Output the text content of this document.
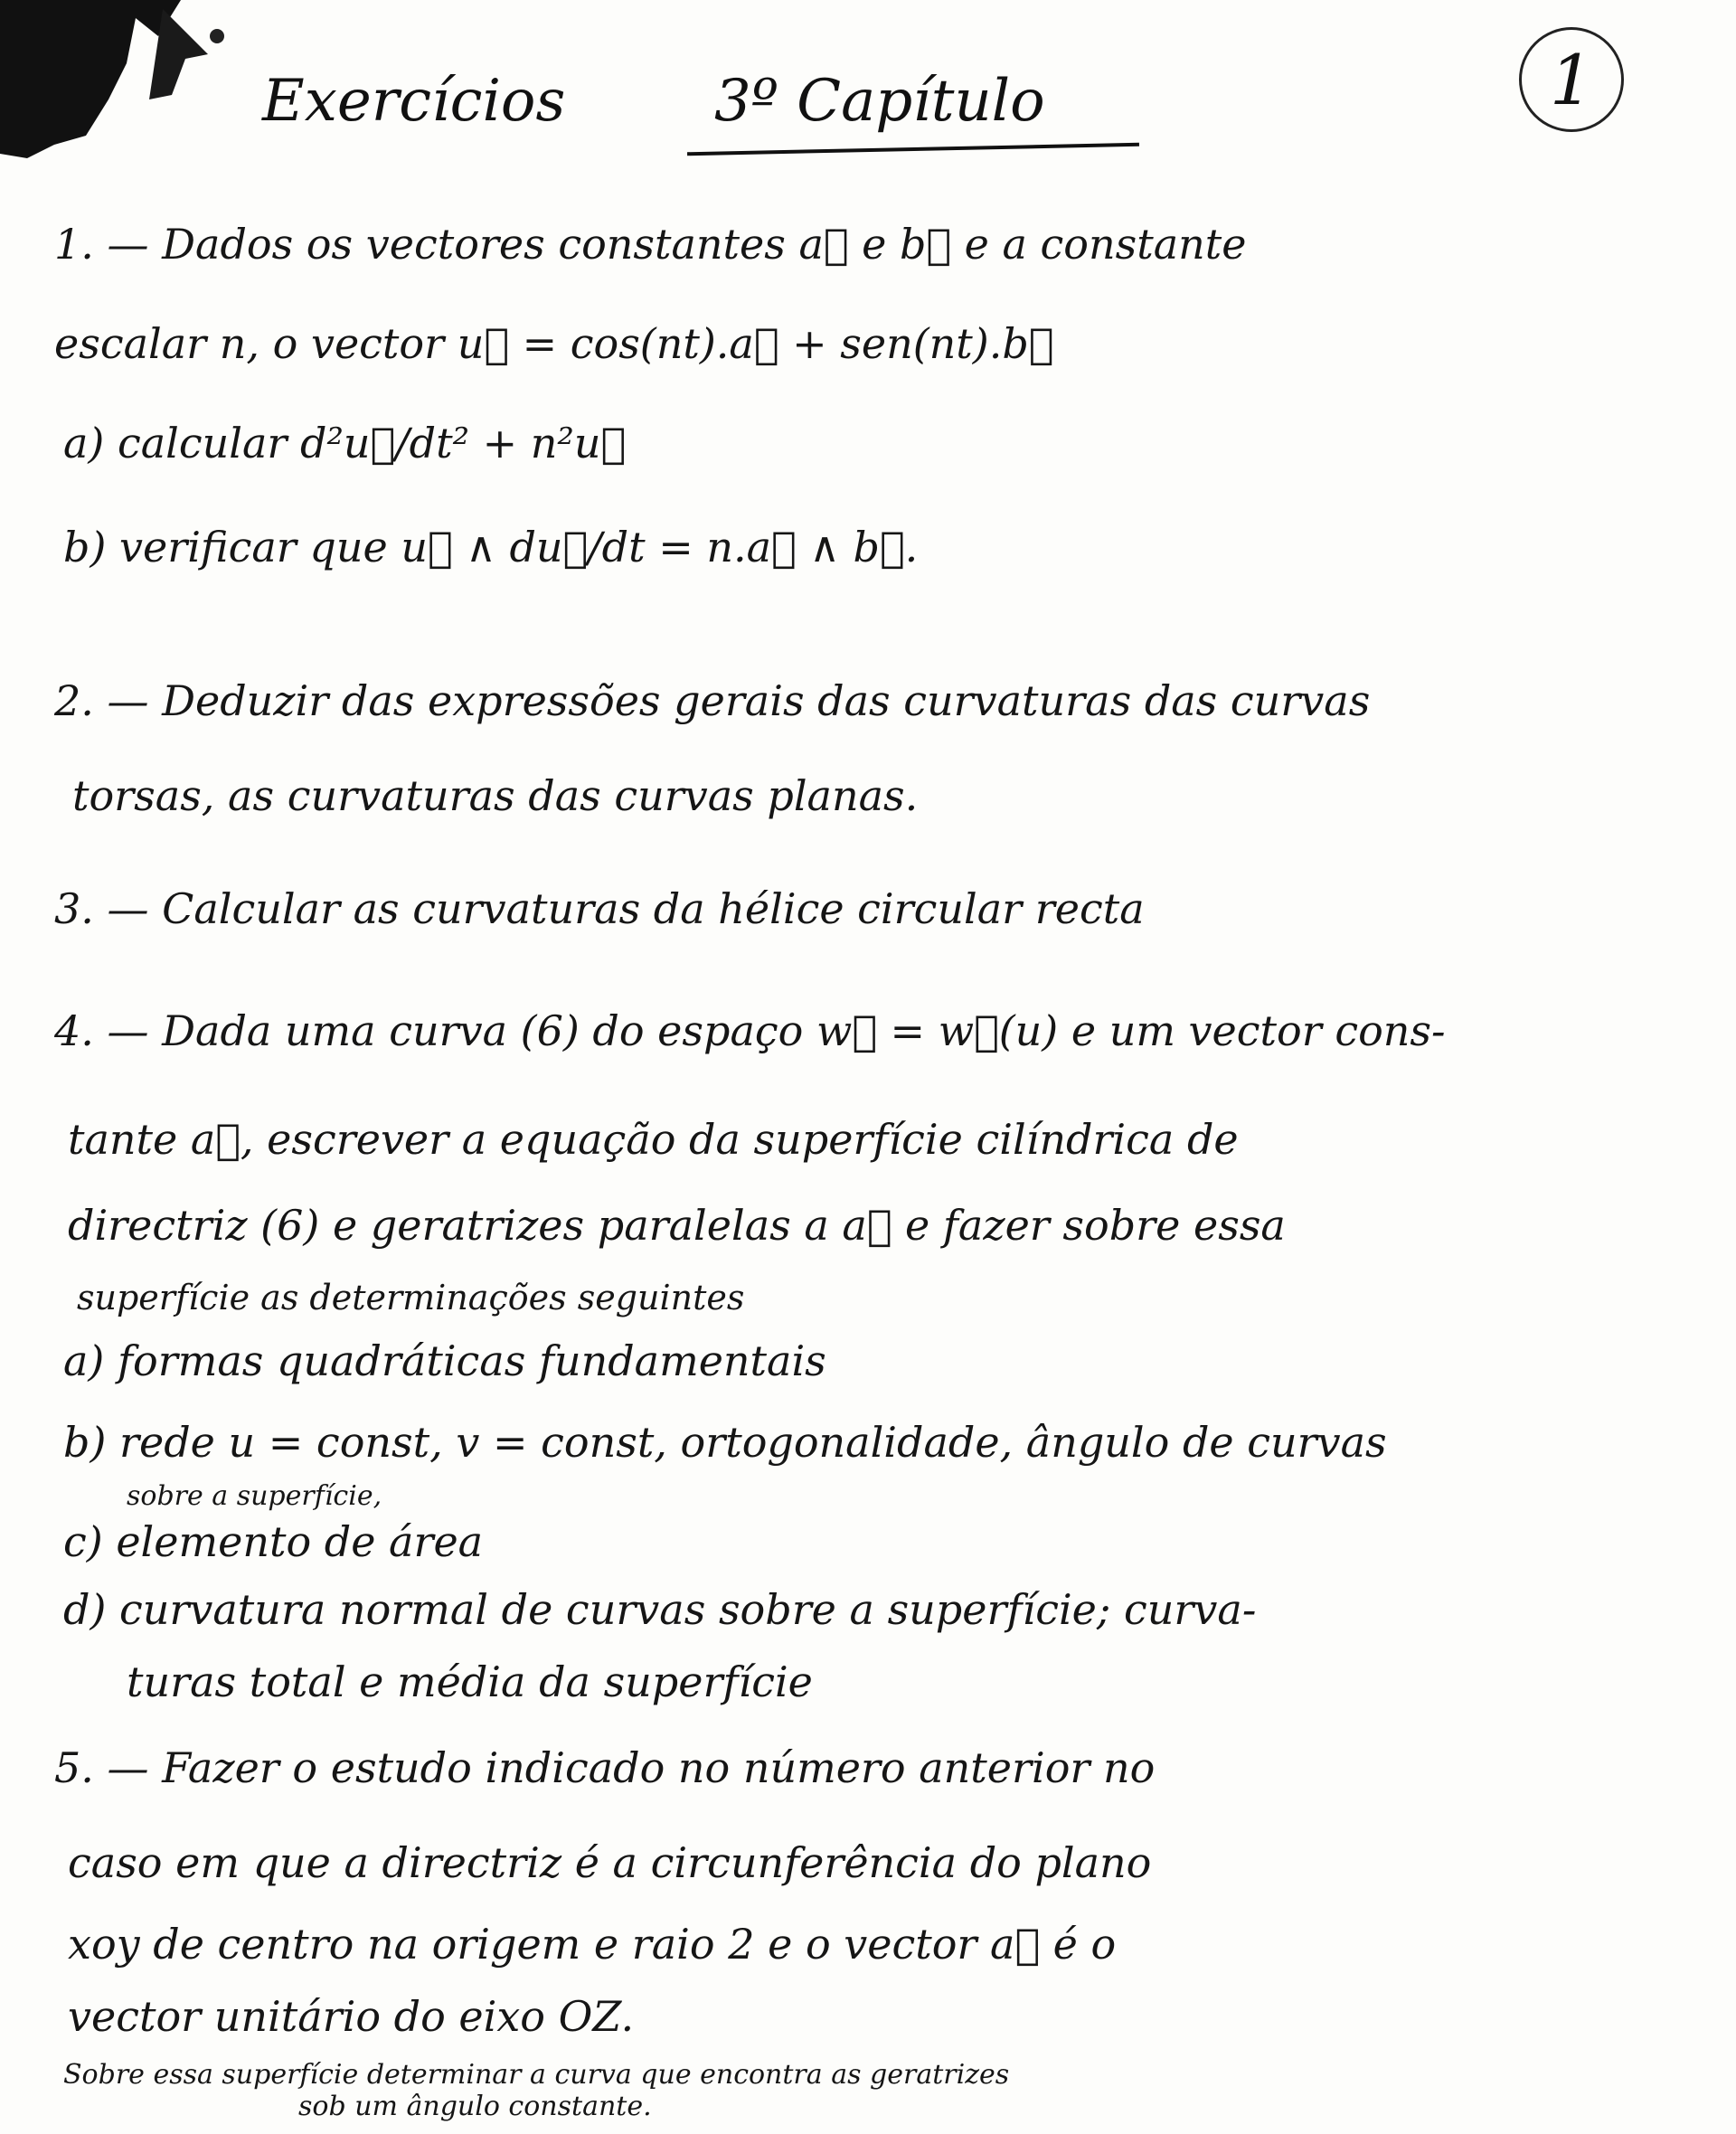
Exercícios	3º Capítulo	1
1. — Dados os vectores constantes a⃗ e b⃗ e a constante
escalar n, o vector u⃗ = cos(nt).a⃗ + sen(nt).b⃗
a) calcular d²u⃗/dt² + n²u⃗
b) verificar que u⃗ ∧ du⃗/dt = n.a⃗ ∧ b⃗.
2. — Deduzir das expressões gerais das curvaturas das curvas
torsas, as curvaturas das curvas planas.
3. — Calcular as curvaturas da hélice circular recta
4. — Dada uma curva (6) do espaço w⃗ = w⃗(u) e um vector cons-
tante a⃗, escrever a equação da superfície cilíndrica de
directriz (6) e geratrizes paralelas a a⃗ e fazer sobre essa
superfície as determinações seguintes
a) formas quadráticas fundamentais
b) rede u = const, v = const, ortogonalidade, ângulo de curvas
sobre a superfície,
c) elemento de área
d) curvatura normal de curvas sobre a superfície; curva-
turas total e média da superfície
5. — Fazer o estudo indicado no número anterior no
caso em que a directriz é a circunferência do plano
xoy de centro na origem e raio 2 e o vector a⃗ é o
vector unitário do eixo OZ.
Sobre essa superfície determinar a curva que encontra as geratrizes
sob um ângulo constante.
